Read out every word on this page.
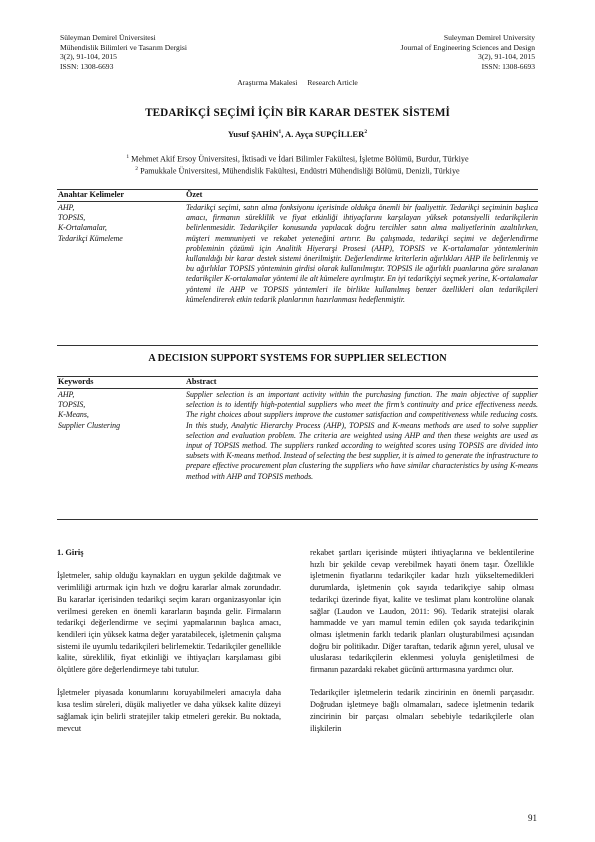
Süleyman Demirel Üniversitesi
Mühendislik Bilimleri ve Tasarım Dergisi
3(2), 91-104, 2015
ISSN: 1308-6693
Suleyman Demirel University
Journal of Engineering Sciences and Design
3(2), 91-104, 2015
ISSN: 1308-6693
Araştırma Makalesi Research Article
TEDARİKÇİ SEÇİMİ İÇİN BİR KARAR DESTEK SİSTEMİ
Yusuf ŞAHİN$^1$, A. Ayça SUPÇİLLER$^2$
$^1$ Mehmet Akif Ersoy Üniversitesi, İktisadi ve İdari Bilimler Fakültesi, İşletme Bölümü, Burdur, Türkiye
$^2$ Pamukkale Üniversitesi, Mühendislik Fakültesi, Endüstri Mühendisliği Bölümü, Denizli, Türkiye
Anahtar Kelimeler	Özet
AHP,
TOPSIS,
K-Ortalamalar,
Tedarikçi Kümeleme
Tedarikçi seçimi, satın alma fonksiyonu içerisinde oldukça önemli bir faaliyettir. Tedarikçi seçiminin başlıca amacı, firmanın süreklilik ve fiyat etkinliği ihtiyaçlarını karşılayan yüksek potansiyelli tedarikçilerin belirlenmesidir. Tedarikçiler konusunda yapılacak doğru tercihler satın alma maliyetlerinin azaltılırken, müşteri memnuniyeti ve rekabet yeteneğini artırır. Bu çalışmada, tedarikçi seçimi ve değerlendirme probleminin çözümü için Analitik Hiyerarşi Prosesi (AHP), TOPSIS ve K-ortalamalar yöntemlerinin kullanıldığı bir karar destek sistemi önerilmiştir. Değerlendirme kriterlerin ağırlıkları AHP ile belirlenmiş ve bu ağırlıklar TOPSIS yönteminin girdisi olarak kullanılmıştır. TOPSIS ile ağırlıklı puanlarına göre sıralanan tedarikçiler K-ortalamalar yöntemi ile alt kümelere ayrılmıştır. En iyi tedarikçiyi seçmek yerine, K-ortalamalar yöntemi ile AHP ve TOPSIS yöntemleri ile birlikte kullanılmış benzer özellikleri olan tedarikçileri kümelendirerek etkin tedarik planlarının hazırlanması hedeflenmiştir.
A DECISION SUPPORT SYSTEMS FOR SUPPLIER SELECTION
Keywords	Abstract
AHP,
TOPSIS,
K-Means,
Supplier Clustering
Supplier selection is an important activity within the purchasing function. The main objective of supplier selection is to identify high-potential suppliers who meet the firm’s continuity and price effectiveness needs. The right choices about suppliers improve the customer satisfaction and competitiveness while reducing costs. In this study, Analytic Hierarchy Process (AHP), TOPSIS and K-means methods are used to solve supplier selection and evaluation problem. The criteria are weighted using AHP and then these weights are used as input of TOPSIS method. The suppliers ranked according to weighted scores using TOPSIS are divided into subsets with K-means method. Instead of selecting the best supplier, it is aimed to generate the infrastructure to prepare effective procurement plan clustering the suppliers who have similar characteristics by using K-means method with AHP and TOPSIS methods.

1. Giriş

İşletmeler, sahip olduğu kaynakları en uygun şekilde dağıtmak ve verimliliği artırmak için hızlı ve doğru kararlar almak zorundadır. Bu kararlar içerisinden tedarikçi seçim kararı organizasyonlar için verilmesi gereken en önemli kararların başında gelir. Firmaların tedarikçi değerlendirme ve seçimi yapmalarının başlıca amacı, kendileri için yüksek katma değer yaratabilecek, işletmenin çalışma sistemi ile uyumlu tedarikçileri belirlemektir. Tedarikçiler genellikle kalite, süreklilik, fiyat etkinliği ve ihtiyaçları karşılaması gibi ölçütlere göre değerlendirmeye tabi tutulur.

İşletmeler piyasada konumlarını koruyabilmeleri amacıyla daha kısa teslim süreleri, düşük maliyetler ve daha yüksek kalite düzeyi sağlamak için belirli stratejiler takip etmeleri gerekir. Bu noktada, mevcut

rekabet şartları içerisinde müşteri ihtiyaçlarına ve beklentilerine hızlı bir şekilde cevap verebilmek hayati önem taşır. Özellikle işletmenin fiyatlarını tedarikçiler kadar hızlı yükseltemedikleri durumlarda, işletmenin çok sayıda tedarikçiye sahip olması tedarikçi üzerinde fiyat, kalite ve teslimat planı kontrolüne olanak sağlar (Laudon ve Laudon, 2011: 96). Tedarik stratejisi olarak hammadde ve yarı mamul temin edilen çok sayıda tedarikçinin olması işletmenin farklı tedarik planları oluşturabilmesi açısından doğru bir politikadır. Diğer taraftan, tedarik ağının yerel, ulusal ve uluslarası tedarikçilerin eklenmesi yoluyla genişletilmesi de firmanın pazardaki rekabet gücünü arttırmasına yardımcı olur.

Tedarikçiler işletmelerin tedarik zincirinin en önemli parçasıdır. Doğrudan işletmeye bağlı olmamaları, sadece işletmenin tedarik zincirinin bir parçası olmaları sebebiyle tedarikçilerle olan ilişkilerin

91
